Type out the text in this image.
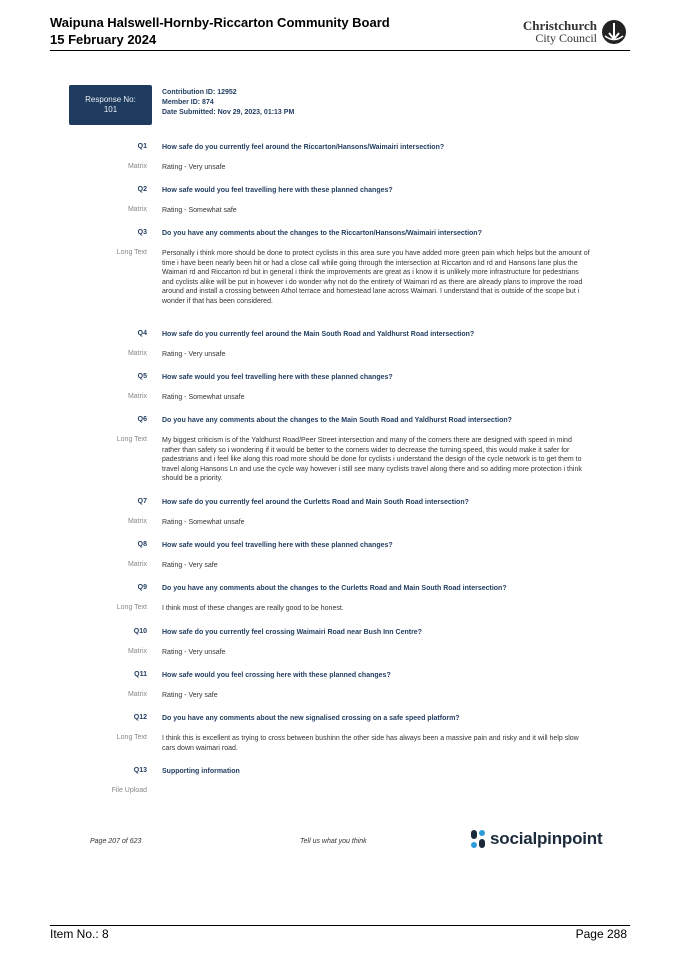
Waipuna Halswell-Hornby-Riccarton Community Board
15 February 2024
Christchurch
City Council
Response No:
101
Contribution ID: 12952
Member ID: 874
Date Submitted: Nov 29, 2023, 01:13 PM
Q1 How safe do you currently feel around the Riccarton/Hansons/Waimairi intersection?
Matrix Rating - Very unsafe
Q2 How safe would you feel travelling here with these planned changes?
Matrix Rating - Somewhat safe
Q3 Do you have any comments about the changes to the Riccarton/Hansons/Waimairi intersection?
Long Text Personally i think more should be done to protect cyclists in this area sure you have added more green pain which helps but the amount of time i have been nearly been hit or had a close call while going through the intersection at Riccarton and rd and Hansons lane plus the Waimari rd and Riccarton rd but in general i think the improvements are great as i know it is unlikely more infrastructure for pedestrians and cyclists alike will be put in however i do wonder why not do the entirety of Waimari rd as there are already plans to improve the road around and install a crossing between Athol terrace and homestead lane across Waimari. I understand that is outside of the scope but i wonder if that has been considered.
Q4 How safe do you currently feel around the Main South Road and Yaldhurst Road intersection?
Matrix Rating - Very unsafe
Q5 How safe would you feel travelling here with these planned changes?
Matrix Rating - Somewhat unsafe
Q6 Do you have any comments about the changes to the Main South Road and Yaldhurst Road intersection?
Long Text My biggest criticism is of the Yaldhurst Road/Peer Street intersection and many of the corners there are designed with speed in mind rather than safety so i wondering if it would be better to the corners wider to decrease the turning speed, this would make it safer for padestrians and i feel like along this road more should be done for cyclists i understand the design of the cycle network is to get them to travel along Hansons Ln and use the cycle way however i still see many cyclists travel along there and so adding more protection i think should be a priority.
Q7 How safe do you currently feel around the Curletts Road and Main South Road intersection?
Matrix Rating - Somewhat unsafe
Q8 How safe would you feel travelling here with these planned changes?
Matrix Rating - Very safe
Q9 Do you have any comments about the changes to the Curletts Road and Main South Road intersection?
Long Text I think most of these changes are really good to be honest.
Q10 How safe do you currently feel crossing Waimairi Road near Bush Inn Centre?
Matrix Rating - Very unsafe
Q11 How safe would you feel crossing here with these planned changes?
Matrix Rating - Very safe
Q12 Do you have any comments about the new signalised crossing on a safe speed platform?
Long Text I think this is excellent as trying to cross between bushinn the other side has always been a massive pain and risky and it will help slow cars down waimari road.
Q13 Supporting information
File Upload
Page 207 of 623	Tell us what you think	socialpinpoint
Item No.: 8	Page 288
